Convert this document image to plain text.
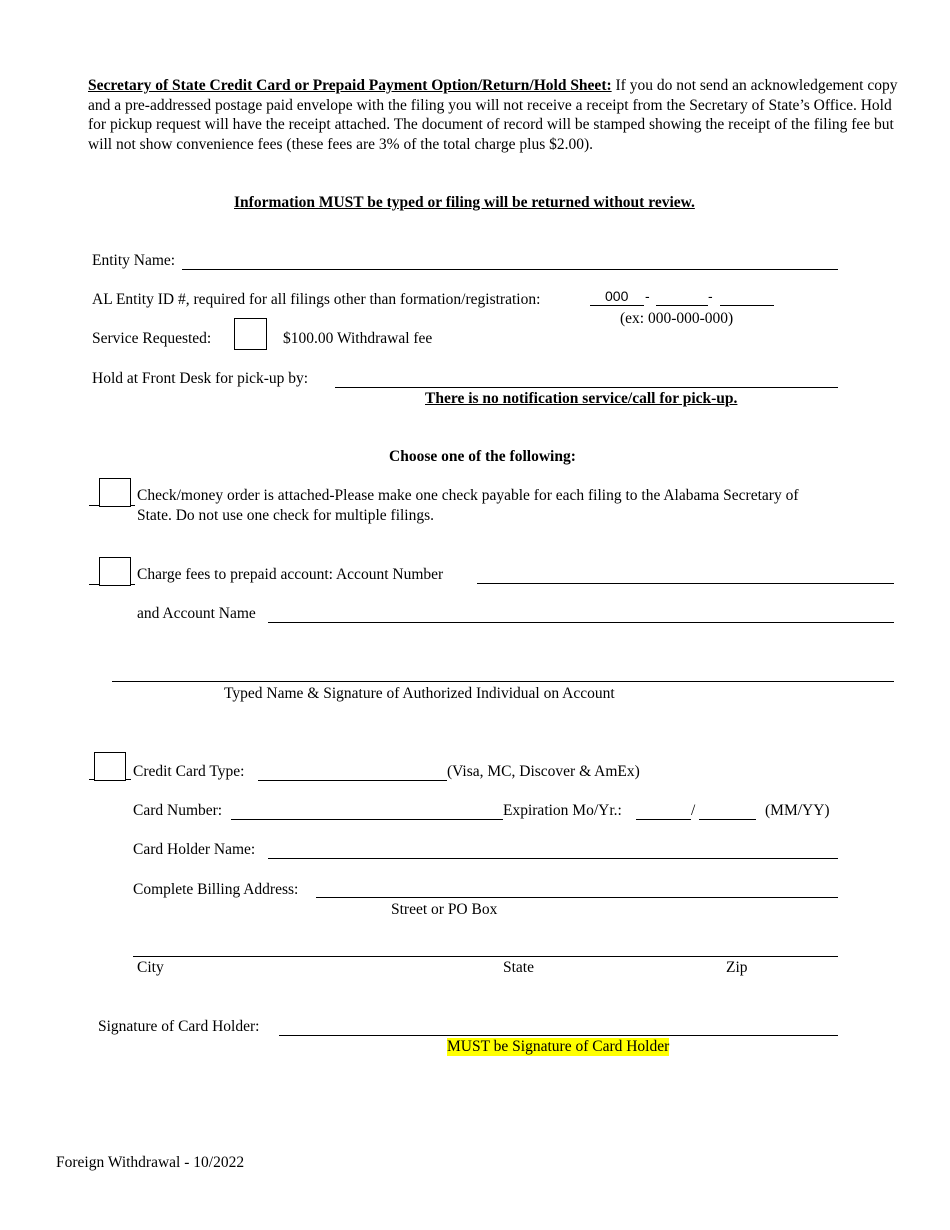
Secretary of State Credit Card or Prepaid Payment Option/Return/Hold Sheet: If you do not send an acknowledgement copy and a pre-addressed postage paid envelope with the filing you will not receive a receipt from the Secretary of State’s Office. Hold for pickup request will have the receipt attached. The document of record will be stamped showing the receipt of the filing fee but will not show convenience fees (these fees are 3% of the total charge plus $2.00).
Information MUST be typed or filing will be returned without review.
Entity Name:
AL Entity ID #, required for all filings other than formation/registration:	000 -	-
(ex: 000-000-000)
Service Requested:	$100.00 Withdrawal fee
Hold at Front Desk for pick-up by:
There is no notification service/call for pick-up.
Choose one of the following:
Check/money order is attached-Please make one check payable for each filing to the Alabama Secretary of
State. Do not use one check for multiple filings.
Charge fees to prepaid account: Account Number
and Account Name
Typed Name & Signature of Authorized Individual on Account
Credit Card Type:	(Visa, MC, Discover & AmEx)
Card Number:	Expiration Mo/Yr.:	/	(MM/YY)
Card Holder Name:
Complete Billing Address:
Street or PO Box
City	State	Zip
Signature of Card Holder:
MUST be Signature of Card Holder
Foreign Withdrawal - 10/2022
